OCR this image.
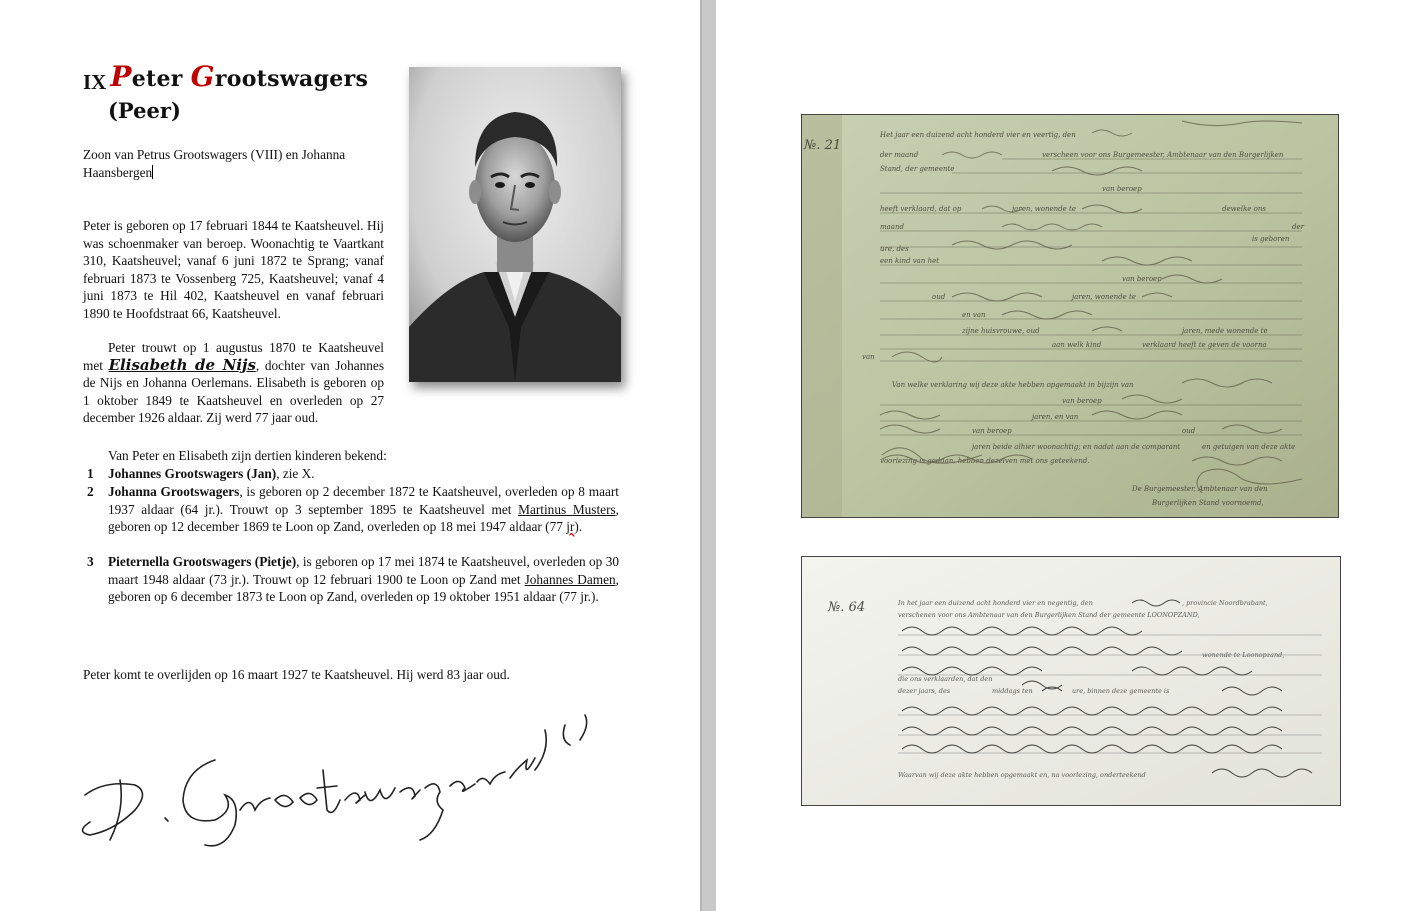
IX Peter Grootswagers
(Peer)
Zoon van Petrus Grootswagers (VIII) en Johanna Haansbergen
Peter is geboren op 17 februari 1844 te Kaatsheuvel. Hij was schoenmaker van beroep. Woonachtig te Vaartkant 310, Kaatsheuvel; vanaf 6 juni 1872 te Sprang; vanaf februari 1873 te Vossenberg 725, Kaatsheuvel; vanaf 4 juni 1873 te Hil 402, Kaatsheuvel en vanaf februari 1890 te Hoofdstraat 66, Kaatsheuvel.
Peter trouwt op 1 augustus 1870 te Kaatsheuvel met Elisabeth de Nijs, dochter van Johannes de Nijs en Johanna Oerlemans. Elisabeth is geboren op 1 oktober 1849 te Kaatsheuvel en overleden op 27 december 1926 aldaar. Zij werd 77 jaar oud.
Van Peter en Elisabeth zijn dertien kinderen bekend:
1 Johannes Grootswagers (Jan), zie X.
2 Johanna Grootswagers, is geboren op 2 december 1872 te Kaatsheuvel, overleden op 8 maart 1937 aldaar (64 jr.). Trouwt op 3 september 1895 te Kaatsheuvel met Martinus Musters, geboren op 12 december 1869 te Loon op Zand, overleden op 18 mei 1947 aldaar (77 jr).
3 Pieternella Grootswagers (Pietje), is geboren op 17 mei 1874 te Kaatsheuvel, overleden op 30 maart 1948 aldaar (73 jr.). Trouwt op 12 februari 1900 te Loon op Zand met Johannes Damen, geboren op 6 december 1873 te Loon op Zand, overleden op 19 oktober 1951 aldaar (77 jr.).
Peter komt te overlijden op 16 maart 1927 te Kaatsheuvel. Hij werd 83 jaar oud.
№. 21
Het jaar een duizend acht honderd vier en veertig, den
der maand	verscheen voor ons Burgemeester, Ambtenaar van den Burgerlijken
Stand, der gemeente
van beroep
jaren, wonende te	dewelke ons
heeft verklaard, dat op
maand	der
ure, des
een kind van het
is geboren
van beroep
oud	jaren, wonende te
en van
zijne huisvrouwe, oud	jaren, mede wonende te
aan welk kind	verklaard heeft te geven de voorna
van
Van welke verklaring wij deze akte hebben opgemaakt in bijzijn van
van beroep
jaren, en van
van beroep	oud
jaren beide alhier woonachtig; en nadat aan de comparant	en getuigen van deze akte
voorlezing is gedaan, hebben dezelven met ons geteekend.
De Burgemeester, Ambtenaar van den
Burgerlijken Stand voornoemd,
№. 64	In het jaar een duizend acht honderd vier en negentig, den	, provincie Noordbrabant,
verschenen voor ons Ambtenaar van den Burgerlijken Stand der gemeente LOONOPZAND,
wonende te Loonopzand,
die ons verklaarden, dat den
dezer jaars, des	middags ten	ure, binnen deze gemeente is
Waarvan wij deze akte hebben opgemaakt en, na voorlezing, onderteekend
